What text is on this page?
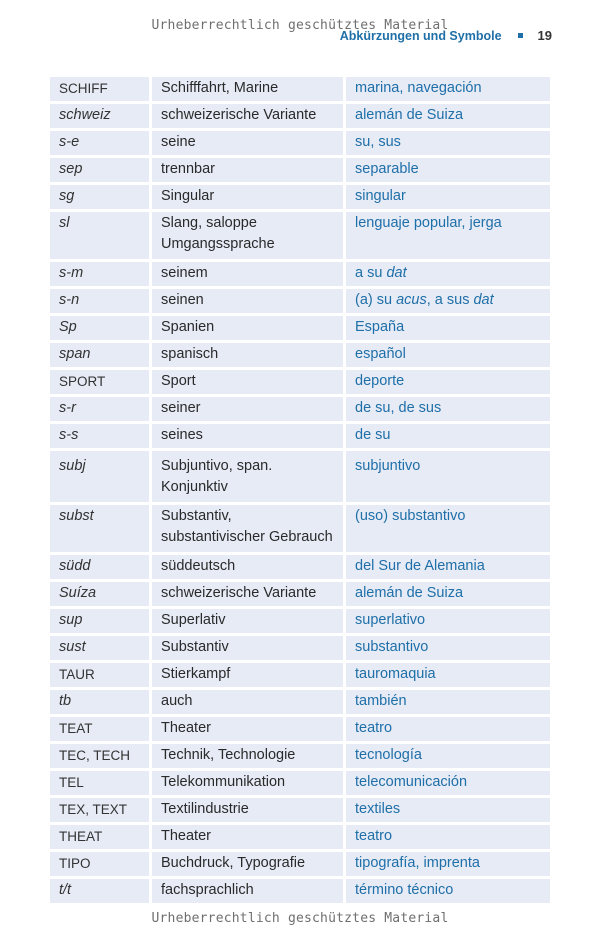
Urheberrechtlich geschütztes Material
Abkürzungen und Symbole	19
SCHIFF	Schifffahrt, Marine	marina, navegación
schweiz	schweizerische Variante	alemán de Suiza
s-e	seine	su, sus
sep	trennbar	separable
sg	Singular	singular
sl	Slang, saloppe Umgangssprache	lenguaje popular, jerga
s-m	seinem	a su dat
s-n	seinen	(a) su acus, a sus dat
Sp	Spanien	España
span	spanisch	español
SPORT	Sport	deporte
s-r	seiner	de su, de sus
s-s	seines	de su
subj	Subjuntivo, span. Konjunktiv	subjuntivo
subst	Substantiv, substantivischer Gebrauch	(uso) substantivo
südd	süddeutsch	del Sur de Alemania
Suíza	schweizerische Variante	alemán de Suiza
sup	Superlativ	superlativo
sust	Substantiv	substantivo
TAUR	Stierkampf	tauromaquia
tb	auch	también
TEAT	Theater	teatro
TEC, TECH	Technik, Technologie	tecnología
TEL	Telekommunikation	telecomunicación
TEX, TEXT	Textilindustrie	textiles
THEAT	Theater	teatro
TIPO	Buchdruck, Typografie	tipografía, imprenta
t/t	fachsprachlich	término técnico
Urheberrechtlich geschütztes Material
